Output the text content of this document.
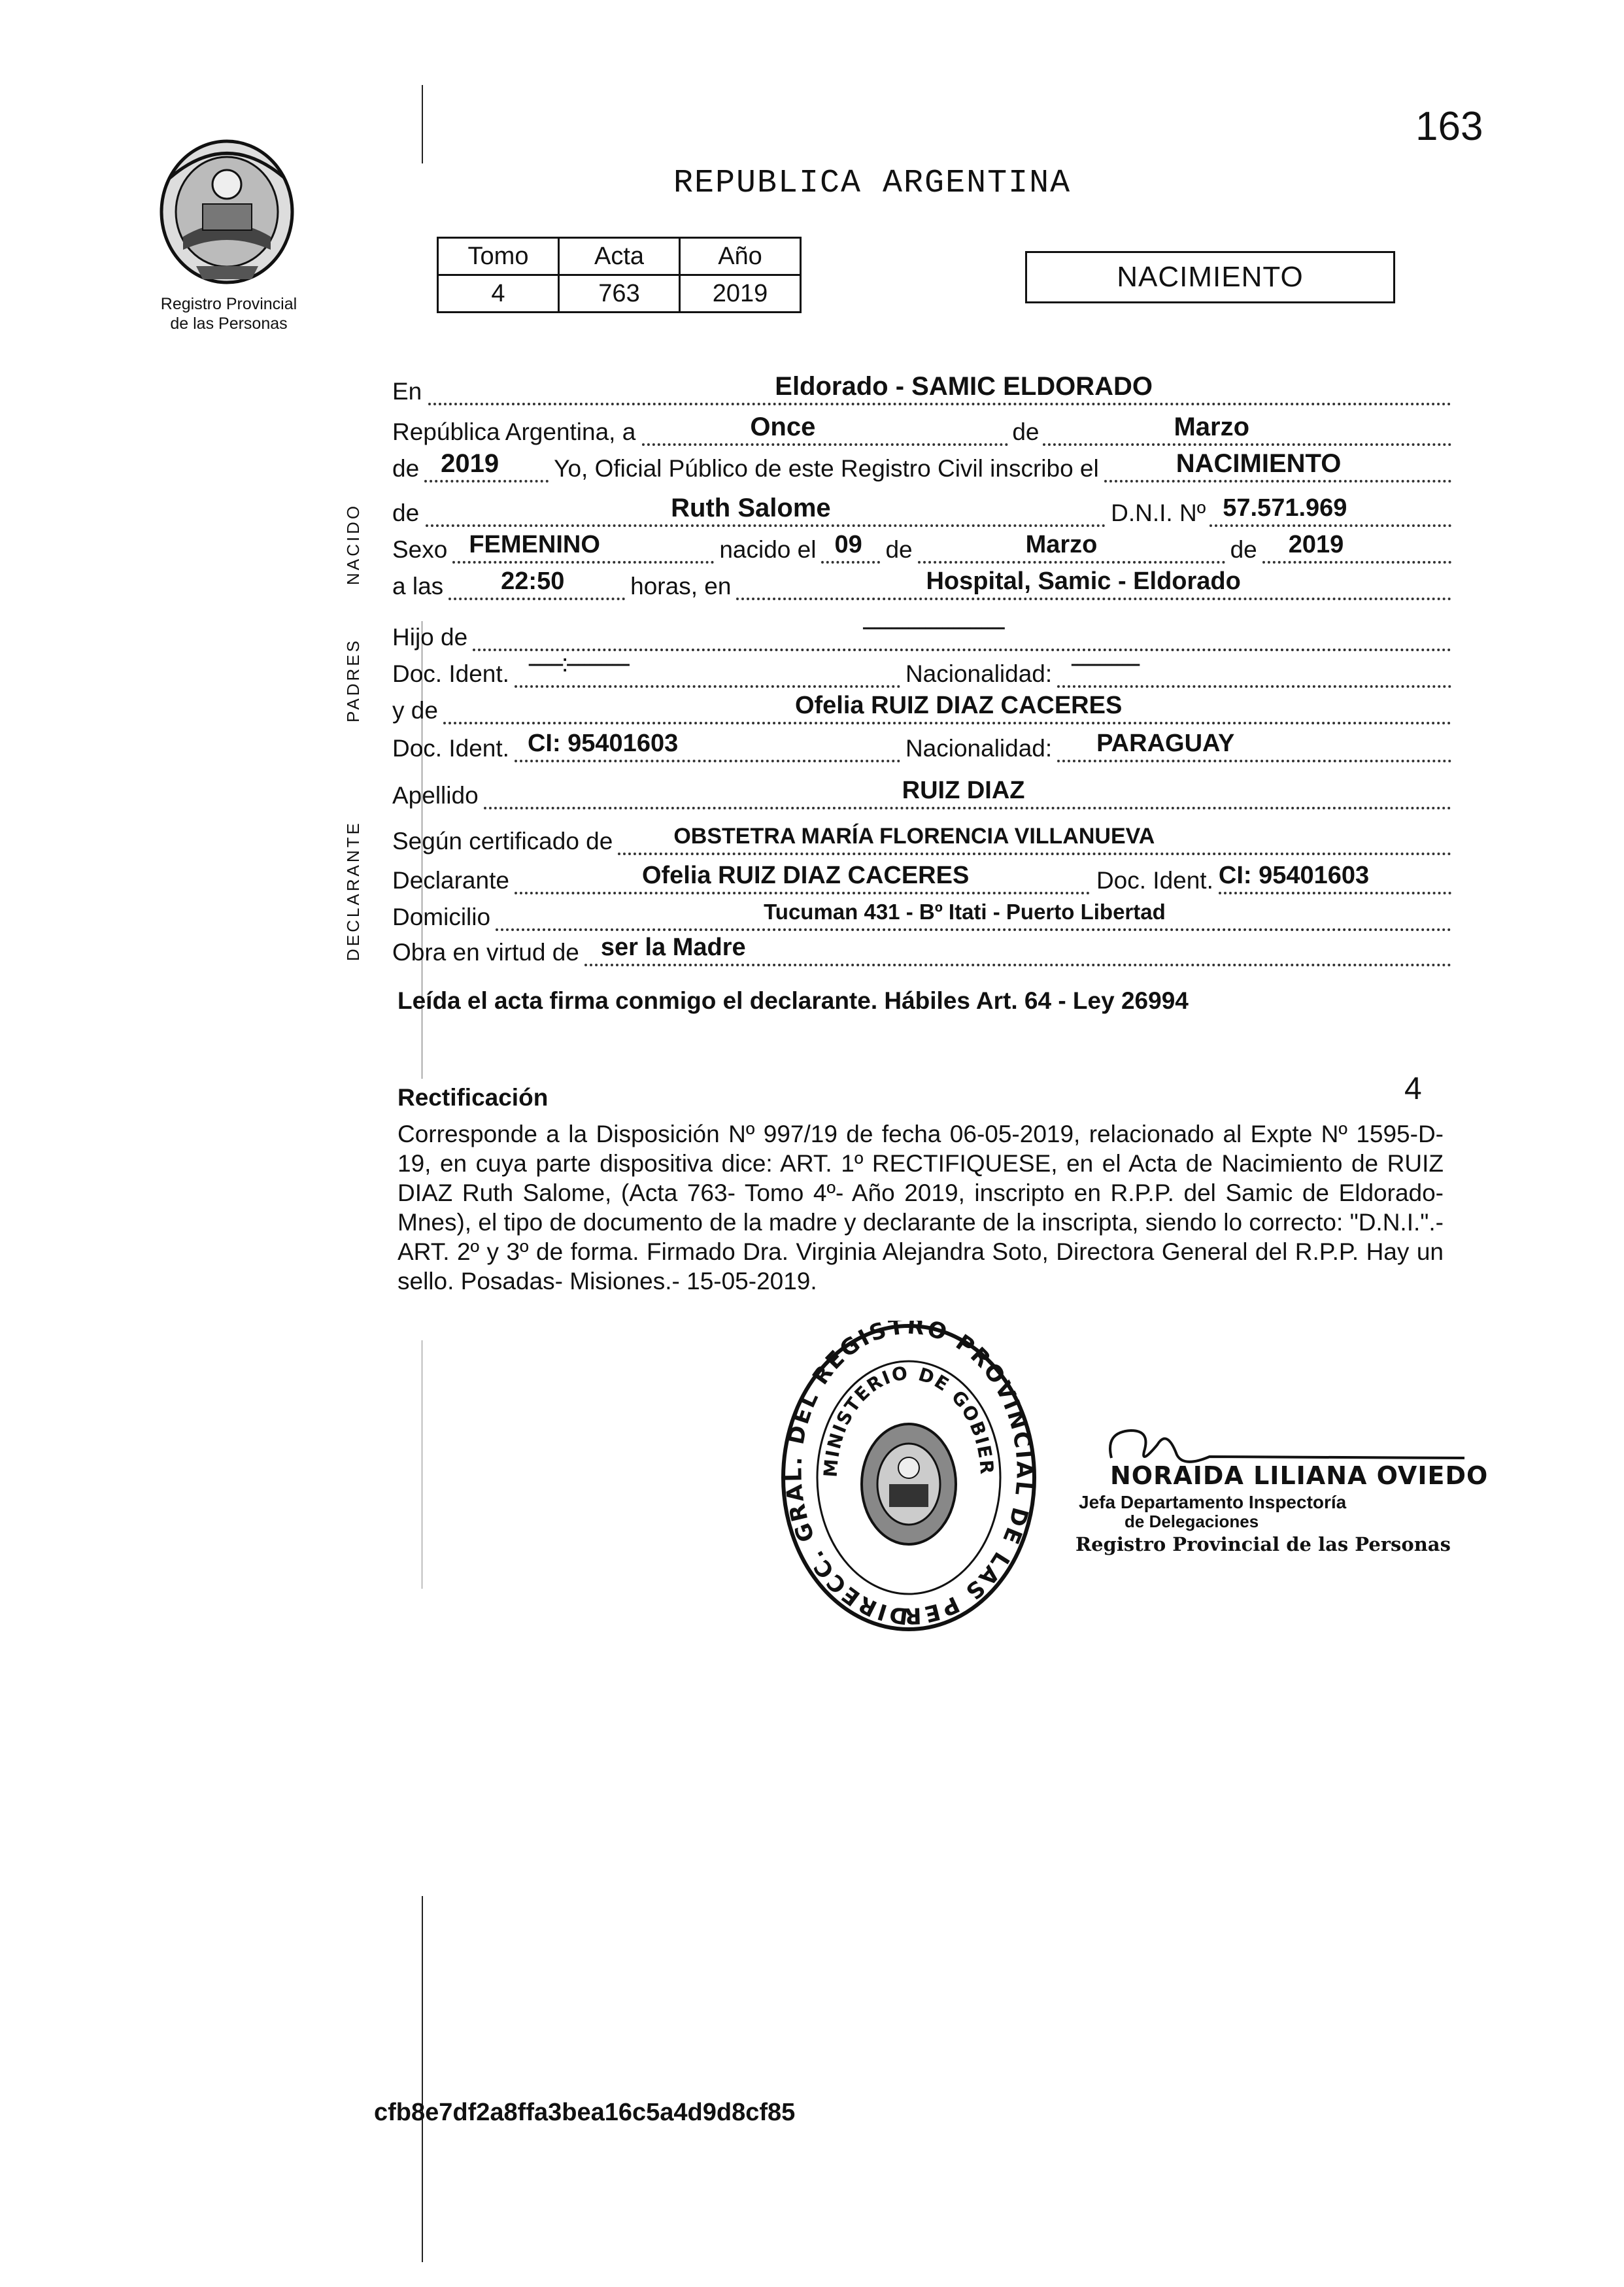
163
REPUBLICA ARGENTINA
Registro Provincial
de las Personas
Tomo	Acta	Año
4	763	2019
NACIMIENTO
NACIDO
PADRES
DECLARANTE
En	Eldorado - SAMIC ELDORADO
República Argentina, a	Once	de	Marzo
de 2019 Yo, Oficial Público de este Registro Civil inscribo el	NACIMIENTO
de	Ruth Salome	D.N.I. Nº 57.571.969
Sexo FEMENINO	nacido el 09 de	Marzo	de 2019
a las 22:50	horas, en	Hospital, Samic - Eldorado
Hijo de	-------------------------
Doc. Ident. ------:-----------	Nacionalidad: ------------
y de	Ofelia RUIZ DIAZ CACERES
Doc. Ident. CI: 95401603	Nacionalidad: PARAGUAY
Apellido	RUIZ DIAZ
Según certificado de	OBSTETRA MARÍA FLORENCIA VILLANUEVA
Declarante	Ofelia RUIZ DIAZ CACERES	Doc. Ident. CI: 95401603
Domicilio	Tucuman 431 - Bº Itati - Puerto Libertad
Obra en virtud de ser la Madre
Leída el acta firma conmigo el declarante. Hábiles Art. 64 - Ley 26994
Rectificación	4
Corresponde a la Disposición Nº 997/19 de fecha 06-05-2019, relacionado al Expte Nº 1595-D-19, en cuya parte dispositiva dice: ART. 1º RECTIFIQUESE, en el Acta de Nacimiento de RUIZ DIAZ Ruth Salome, (Acta 763- Tomo 4º- Año 2019, inscripto en R.P.P. del Samic de Eldorado-Mnes), el tipo de documento de la madre y declarante de la inscripta, siendo lo correcto: "D.N.I.".- ART. 2º y 3º de forma. Firmado Dra. Virginia Alejandra Soto, Directora General del R.P.P. Hay un sello. Posadas- Misiones.- 15-05-2019.
DIRECC. GRAL. DEL REGISTRO PROVINCIAL DE LAS PER
MINISTERIO DE GOBIER	NORAIDA LILIANA OVIEDO
Jefa Departamento Inspectoría
de Delegaciones
Registro Provincial de las Personas
cfb8e7df2a8ffa3bea16c5a4d9d8cf85
